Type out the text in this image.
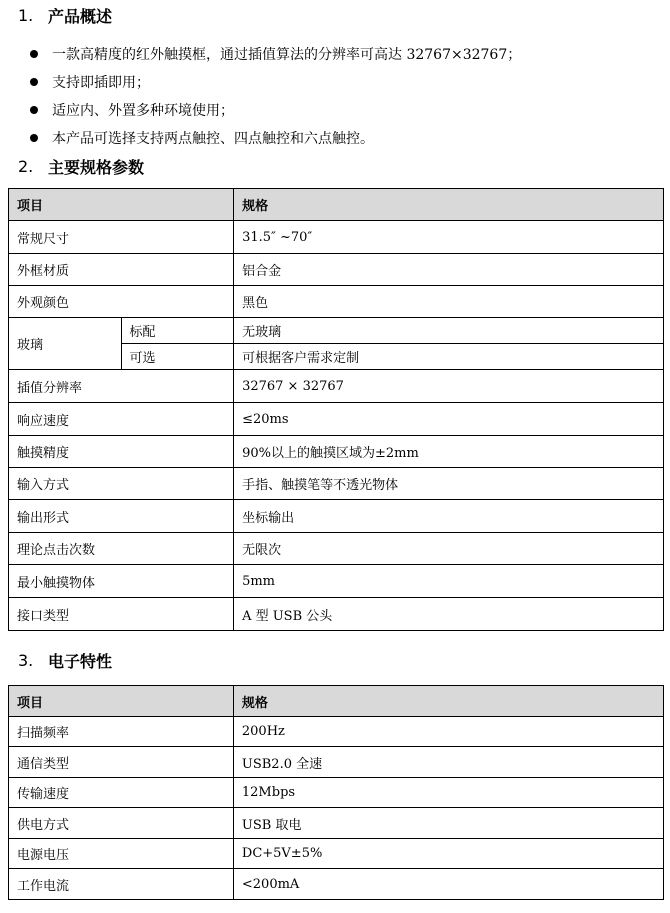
1. 产品概述
一款高精度的红外触摸框，通过插值算法的分辨率可高达 32767×32767；
支持即插即用；
适应内、外置多种环境使用；
本产品可选择支持两点触控、四点触控和六点触控。
2. 主要规格参数
项目		规格
常规尺寸		31.5″ ~70″
外框材质		铝合金
外观颜色		黑色
玻璃	标配	无玻璃
	可选	可根据客户需求定制
插值分辨率		32767 × 32767
响应速度		≤20ms
触摸精度		90%以上的触摸区域为±2mm
输入方式		手指、触摸笔等不透光物体
输出形式		坐标输出
理论点击次数		无限次
最小触摸物体		5mm
接口类型		A 型 USB 公头
3. 电子特性
项目	规格
扫描频率	200Hz
通信类型	USB2.0 全速
传输速度	12Mbps
供电方式	USB 取电
电源电压	DC+5V±5%
工作电流	<200mA
